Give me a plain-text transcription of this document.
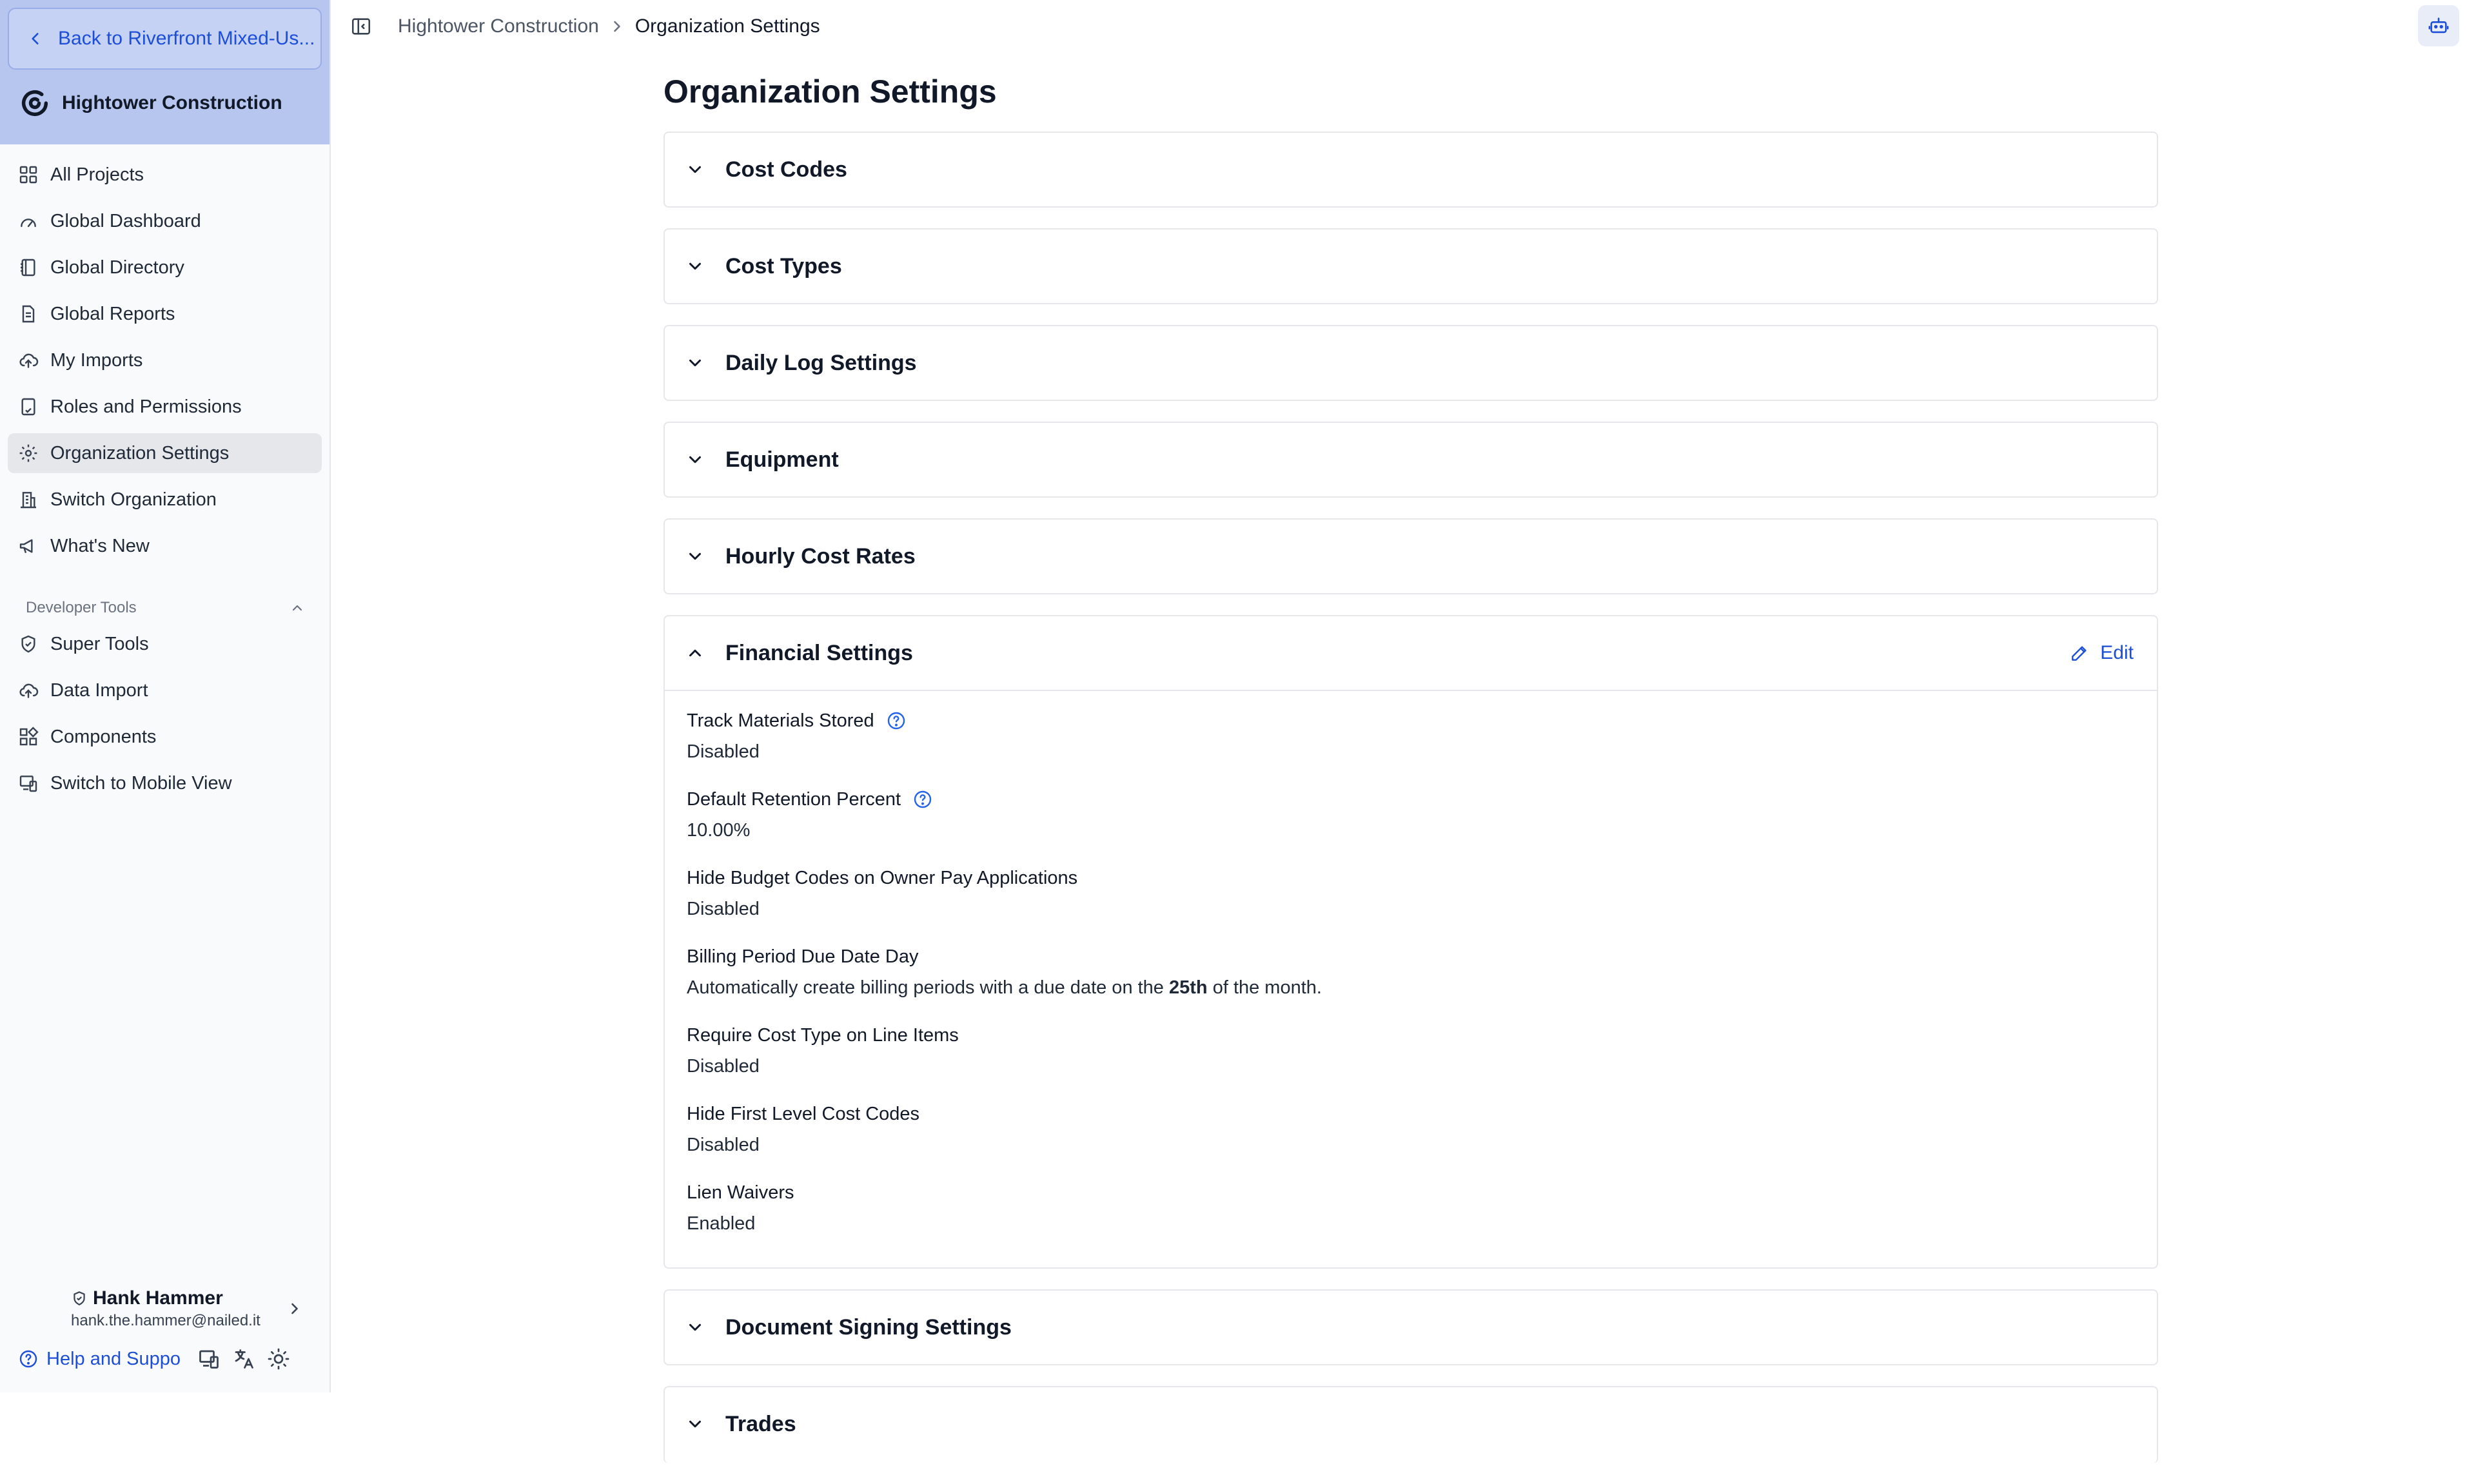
Back to Riverfront Mixed-Us...
Hightower Construction
All Projects
Global Dashboard
Global Directory
Global Reports
My Imports
Roles and Permissions
Organization Settings
Switch Organization
What's New
Developer Tools
Super Tools
Data Import
Components
Switch to Mobile View
Hank Hammer
hank.the.hammer@nailed.it
Help and Suppo
Hightower Construction Organization Settings
Organization Settings
Cost Codes
Cost Types
Daily Log Settings
Equipment
Hourly Cost Rates
Financial Settings	Edit
Track Materials Stored
Disabled
Default Retention Percent
10.00%
Hide Budget Codes on Owner Pay Applications
Disabled
Billing Period Due Date Day
Automatically create billing periods with a due date on the 25th of the month.
Require Cost Type on Line Items
Disabled
Hide First Level Cost Codes
Disabled
Lien Waivers
Enabled
Document Signing Settings
Trades
